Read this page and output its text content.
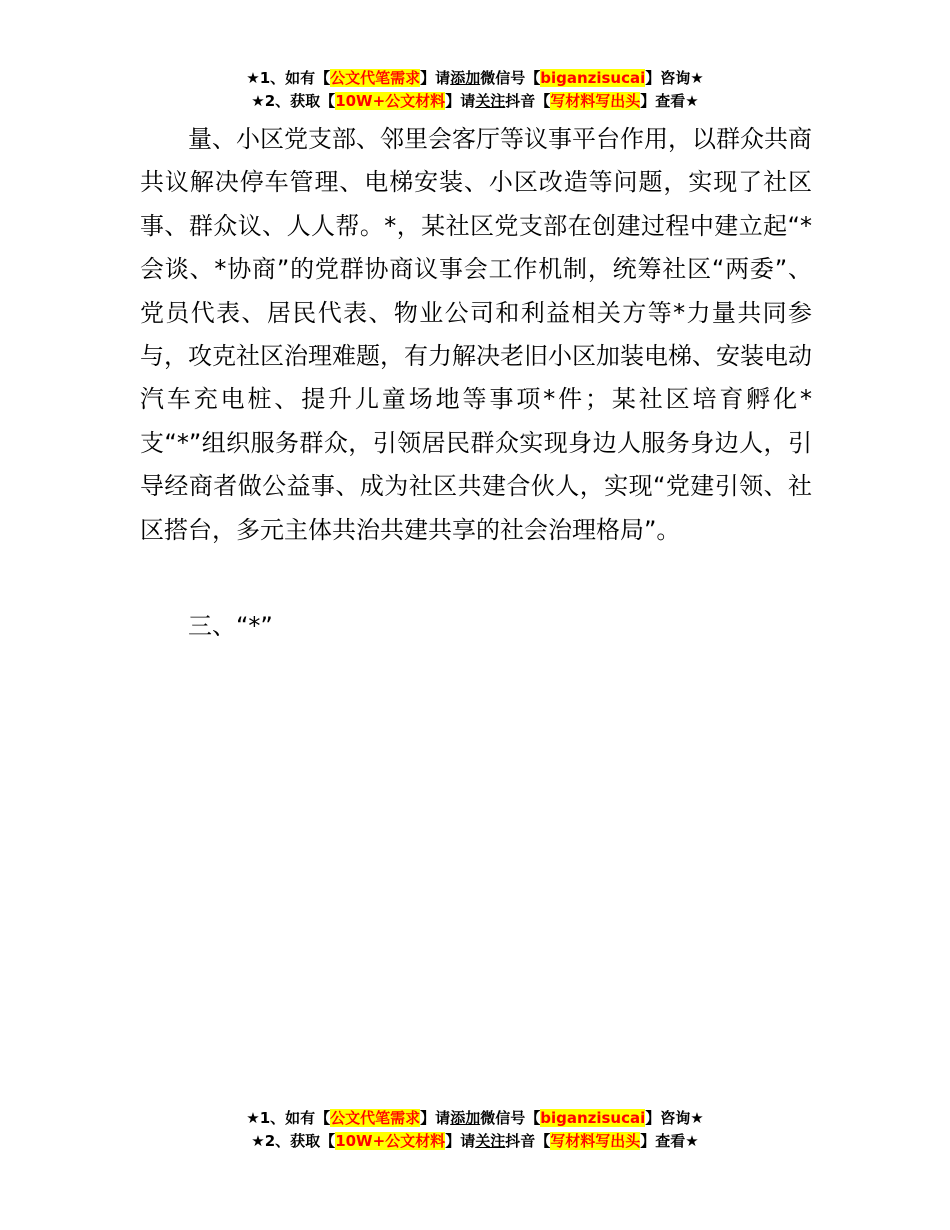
★1、如有【公文代笔需求】请添加微信号【biganzisucai】咨询★
★2、获取【10W+公文材料】请关注抖音【写材料写出头】查看★

量、小区党支部、邻里会客厅等议事平台作用，以群众共商共议解决停车管理、电梯安装、小区改造等问题，实现了社区事、群众议、人人帮。*，某社区党支部在创建过程中建立起“*会谈、*协商”的党群协商议事会工作机制，统筹社区“两委”、党员代表、居民代表、物业公司和利益相关方等*力量共同参与，攻克社区治理难题，有力解决老旧小区加装电梯、安装电动汽车充电桩、提升儿童场地等事项*件；某社区培育孵化*支“*”组织服务群众，引领居民群众实现身边人服务身边人，引导经商者做公益事、成为社区共建合伙人，实现“党建引领、社区搭台，多元主体共治共建共享的社会治理格局”。

三、“*”

★1、如有【公文代笔需求】请添加微信号【biganzisucai】咨询★
★2、获取【10W+公文材料】请关注抖音【写材料写出头】查看★
